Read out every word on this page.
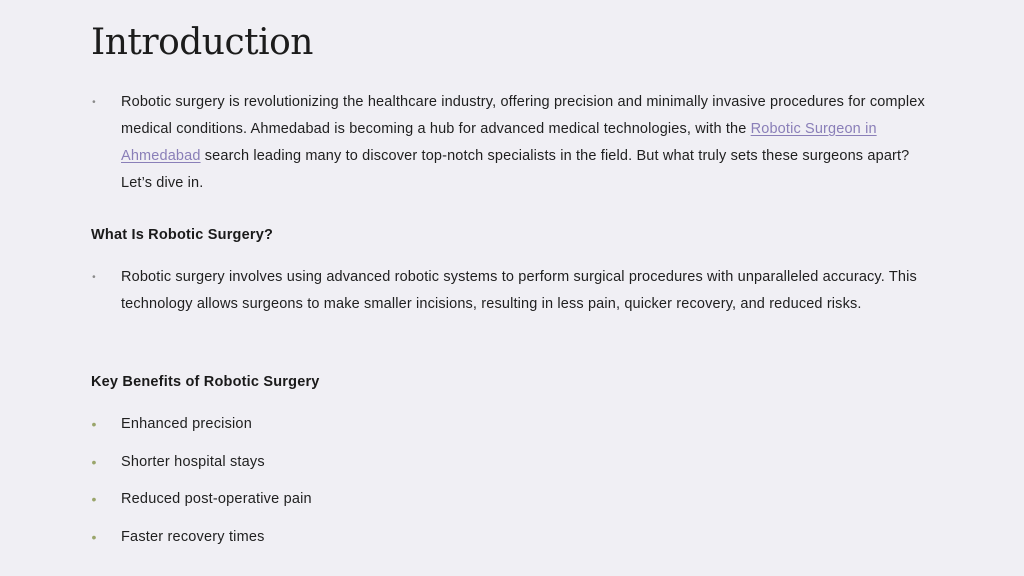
Introduction
• Robotic surgery is revolutionizing the healthcare industry, offering precision and minimally invasive procedures for complex medical conditions. Ahmedabad is becoming a hub for advanced medical technologies, with the Robotic Surgeon in Ahmedabad search leading many to discover top-notch specialists in the field. But what truly sets these surgeons apart? Let’s dive in.
What Is Robotic Surgery?
• Robotic surgery involves using advanced robotic systems to perform surgical procedures with unparalleled accuracy. This technology allows surgeons to make smaller incisions, resulting in less pain, quicker recovery, and reduced risks.
Key Benefits of Robotic Surgery
• Enhanced precision
• Shorter hospital stays
• Reduced post-operative pain
• Faster recovery times
